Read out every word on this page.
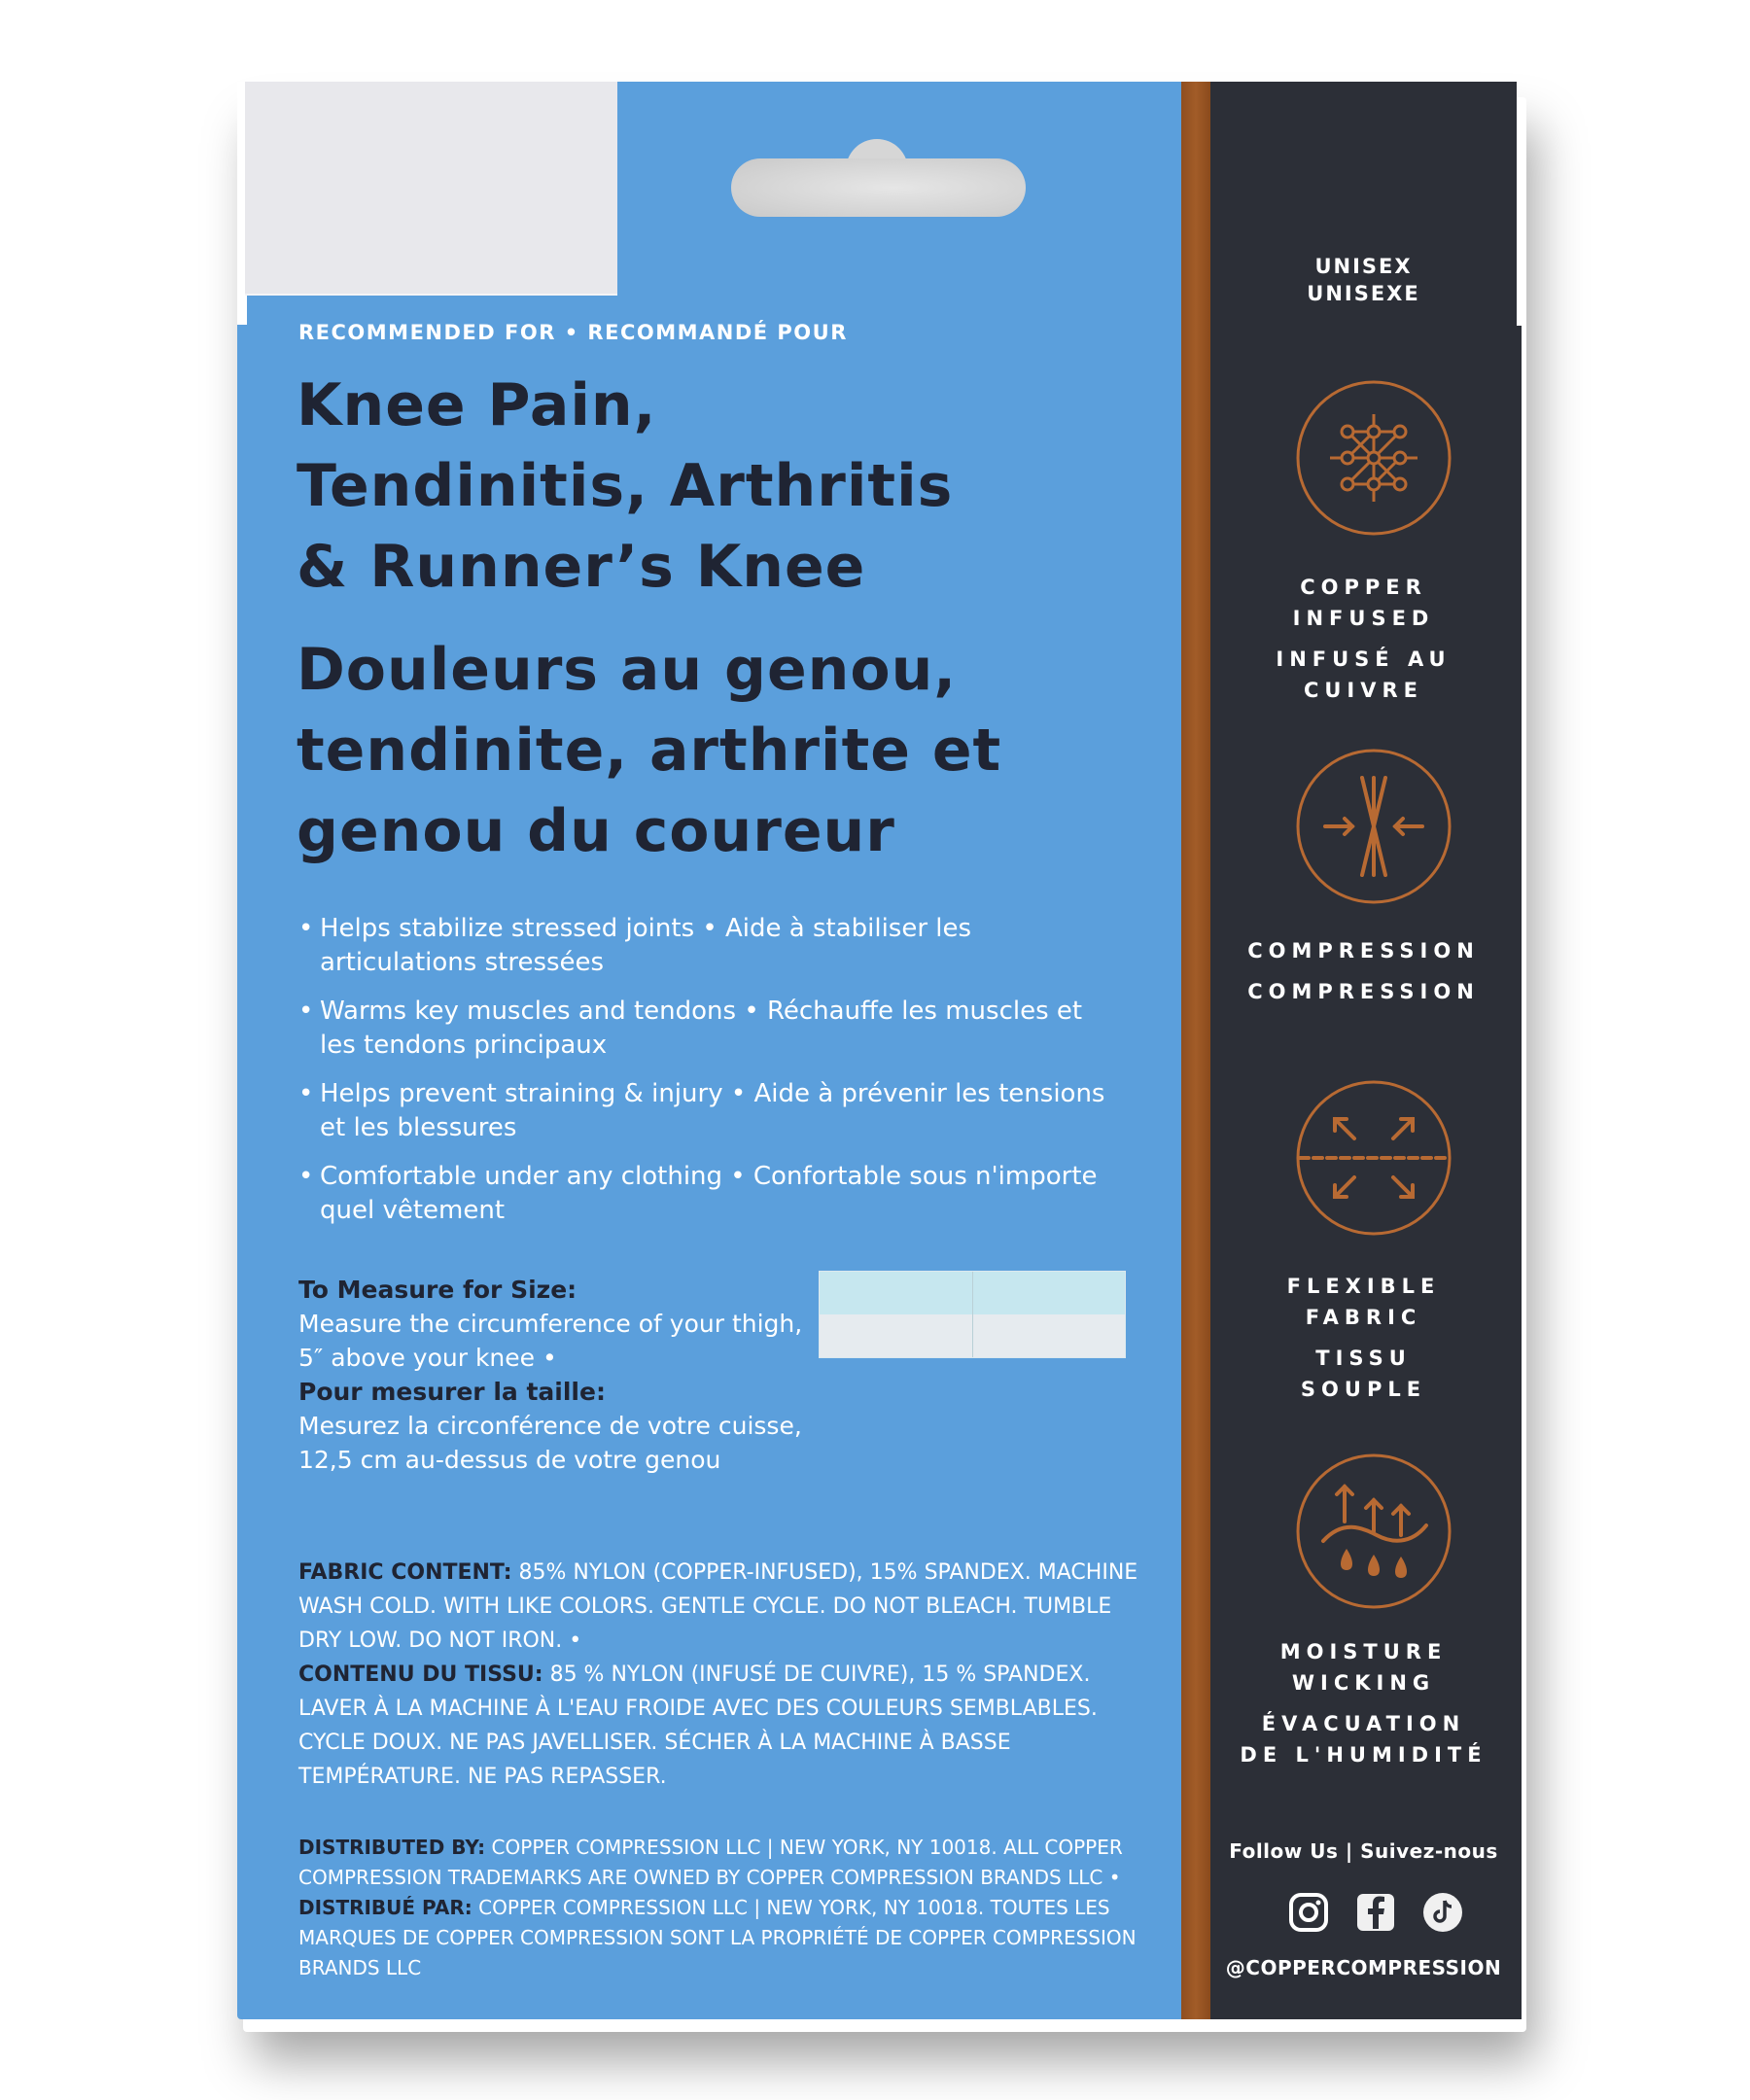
RECOMMENDED FOR • RECOMMANDÉ POUR
Knee Pain,
Tendinitis, Arthritis
& Runner’s Knee
Douleurs au genou,
tendinite, arthrite et
genou du coureur
• Helps stabilize stressed joints • Aide à stabiliser les articulations stressées
• Warms key muscles and tendons • Réchauffe les muscles et les tendons principaux
• Helps prevent straining & injury • Aide à prévenir les tensions et les blessures
• Comfortable under any clothing • Confortable sous n'importe quel vêtement
To Measure for Size:
Measure the circumference of your thigh, 5″ above your knee •
Pour mesurer la taille:
Mesurez la circonférence de votre cuisse, 12,5 cm au-dessus de votre genou
FABRIC CONTENT: 85% NYLON (COPPER-INFUSED), 15% SPANDEX. MACHINE WASH COLD. WITH LIKE COLORS. GENTLE CYCLE. DO NOT BLEACH. TUMBLE DRY LOW. DO NOT IRON. •
CONTENU DU TISSU: 85 % NYLON (INFUSÉ DE CUIVRE), 15 % SPANDEX. LAVER À LA MACHINE À L'EAU FROIDE AVEC DES COULEURS SEMBLABLES. CYCLE DOUX. NE PAS JAVELLISER. SÉCHER À LA MACHINE À BASSE TEMPÉRATURE. NE PAS REPASSER.
DISTRIBUTED BY: COPPER COMPRESSION LLC | NEW YORK, NY 10018. ALL COPPER COMPRESSION TRADEMARKS ARE OWNED BY COPPER COMPRESSION BRANDS LLC • DISTRIBUÉ PAR: COPPER COMPRESSION LLC | NEW YORK, NY 10018. TOUTES LES MARQUES DE COPPER COMPRESSION SONT LA PROPRIÉTÉ DE COPPER COMPRESSION BRANDS LLC
UNISEX
UNISEXE
COPPER
INFUSED
INFUSÉ AU
CUIVRE
COMPRESSION
COMPRESSION
FLEXIBLE
FABRIC
TISSU
SOUPLE
MOISTURE
WICKING
ÉVACUATION
DE L'HUMIDITÉ
Follow Us | Suivez-nous
@COPPERCOMPRESSION
